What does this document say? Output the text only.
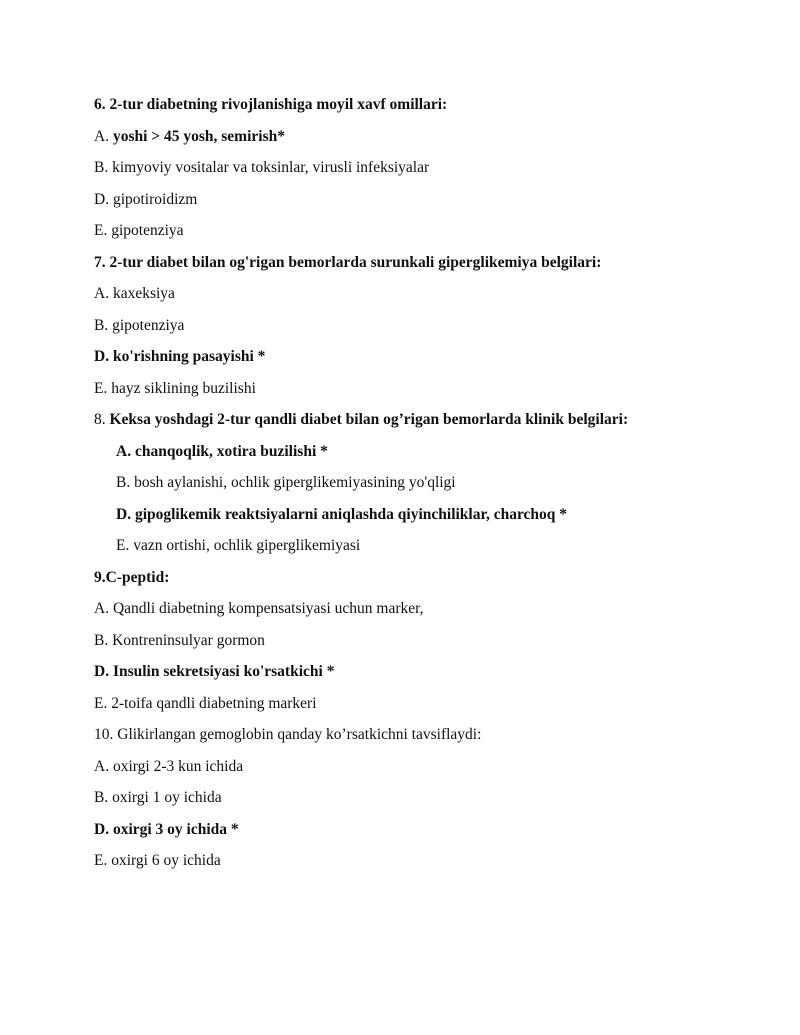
6. 2-tur diabetning rivojlanishiga moyil xavf omillari:
A. yoshi > 45 yosh, semirish*
B. kimyoviy vositalar va toksinlar, virusli infeksiyalar
D. gipotiroidizm
E. gipotenziya
7. 2-tur diabet bilan og'rigan bemorlarda surunkali giperglikemiya belgilari:
A. kaxeksiya
B. gipotenziya
D. ko'rishning pasayishi *
E. hayz siklining buzilishi
8. Keksa yoshdagi 2-tur qandli diabet bilan og’rigan bemorlarda klinik belgilari:
A. chanqoqlik, xotira buzilishi *
B. bosh aylanishi, ochlik giperglikemiyasining yo'qligi
D. gipoglikemik reaktsiyalarni aniqlashda qiyinchiliklar, charchoq *
E. vazn ortishi, ochlik giperglikemiyasi
9.C-peptid:
A. Qandli diabetning kompensatsiyasi uchun marker,
B. Kontreninsulyar gormon
D. Insulin sekretsiyasi ko'rsatkichi *
E. 2-toifa qandli diabetning markeri
10. Glikirlangan gemoglobin qanday ko’rsatkichni tavsiflaydi:
A. oxirgi 2-3 kun ichida
B. oxirgi 1 oy ichida
D. oxirgi 3 oy ichida *
E. oxirgi 6 oy ichida
